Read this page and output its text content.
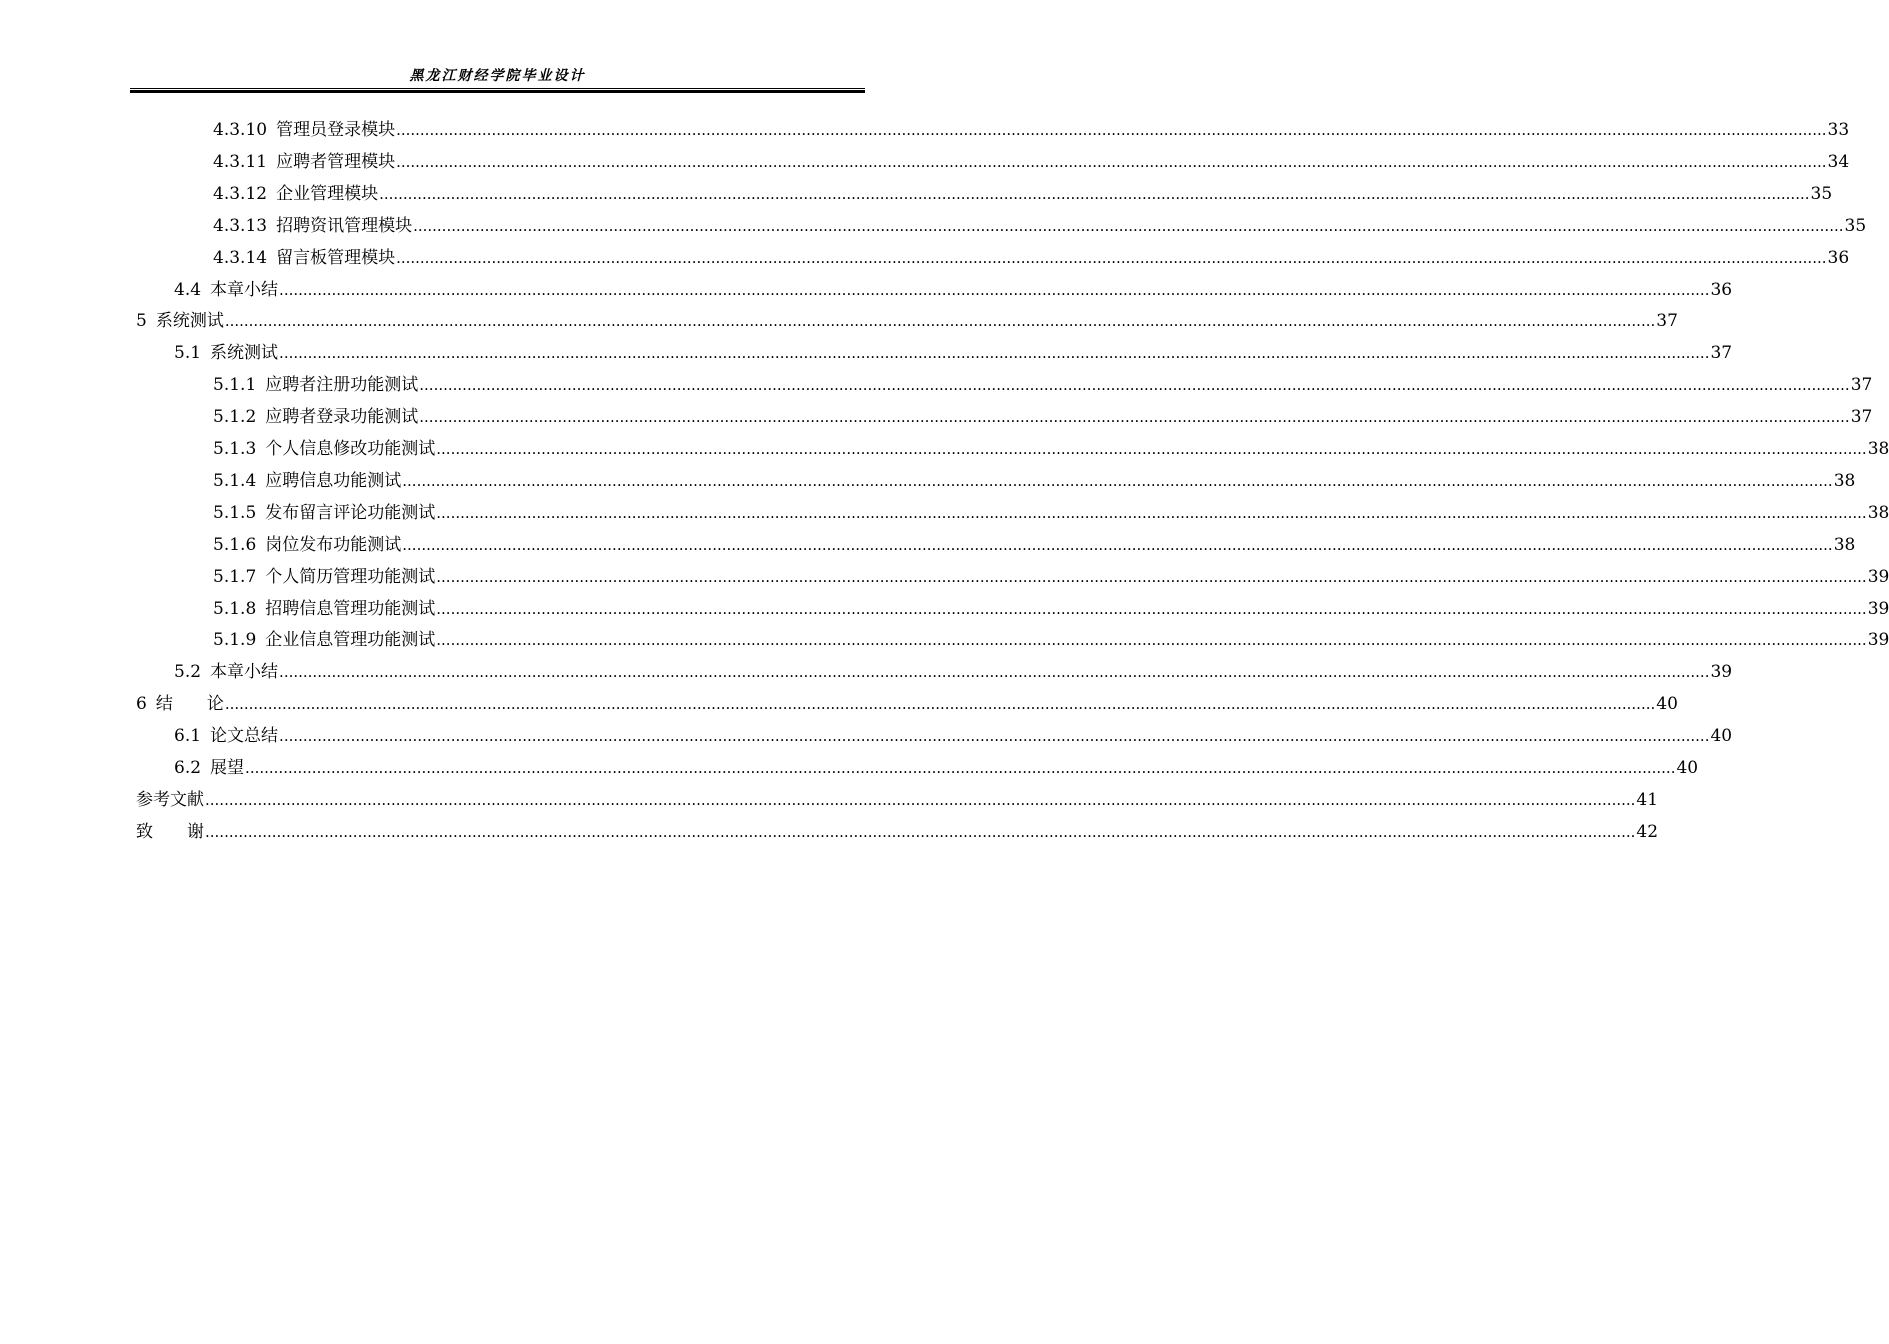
黑龙江财经学院毕业设计
4.3.10 管理员登录模块 ............................................................................................................................................................................................................................................................................................................ 33
4.3.11 应聘者管理模块 ............................................................................................................................................................................................................................................................................................................ 34
4.3.12 企业管理模块 ............................................................................................................................................................................................................................................................................................................ 35
4.3.13 招聘资讯管理模块 ............................................................................................................................................................................................................................................................................................................ 35
4.3.14 留言板管理模块 ............................................................................................................................................................................................................................................................................................................ 36
4.4 本章小结 ............................................................................................................................................................................................................................................................................................................ 36
5 系统测试 ............................................................................................................................................................................................................................................................................................................ 37
5.1 系统测试 ............................................................................................................................................................................................................................................................................................................ 37
5.1.1 应聘者注册功能测试 ............................................................................................................................................................................................................................................................................................................ 37
5.1.2 应聘者登录功能测试 ............................................................................................................................................................................................................................................................................................................ 37
5.1.3 个人信息修改功能测试 ............................................................................................................................................................................................................................................................................................................ 38
5.1.4 应聘信息功能测试 ............................................................................................................................................................................................................................................................................................................ 38
5.1.5 发布留言评论功能测试 ............................................................................................................................................................................................................................................................................................................ 38
5.1.6 岗位发布功能测试 ............................................................................................................................................................................................................................................................................................................ 38
5.1.7 个人简历管理功能测试 ............................................................................................................................................................................................................................................................................................................ 39
5.1.8 招聘信息管理功能测试 ............................................................................................................................................................................................................................................................................................................ 39
5.1.9 企业信息管理功能测试 ............................................................................................................................................................................................................................................................................................................ 39
5.2 本章小结 ............................................................................................................................................................................................................................................................................................................ 39
6 结　　论 ............................................................................................................................................................................................................................................................................................................ 40
6.1 论文总结 ............................................................................................................................................................................................................................................................................................................ 40
6.2 展望 ............................................................................................................................................................................................................................................................................................................ 40
参考文献 ............................................................................................................................................................................................................................................................................................................ 41
致　　谢 ............................................................................................................................................................................................................................................................................................................ 42
